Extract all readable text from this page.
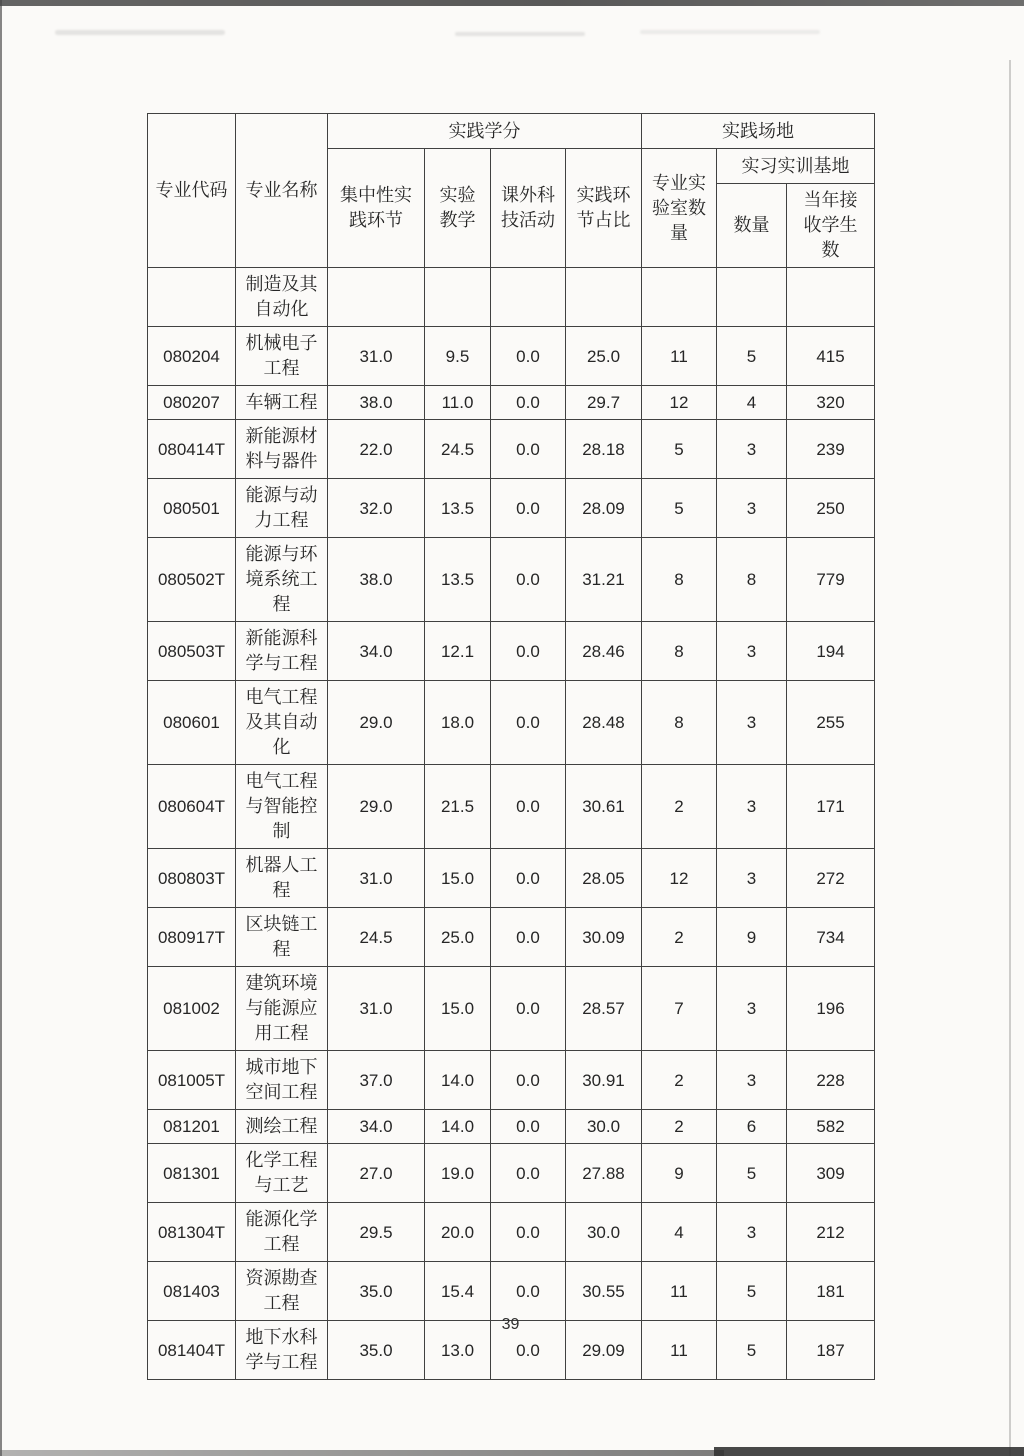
专业代码	专业名称	实践学分				实践场地		
		集中性实践环节	实验教学	课外科技活动	实践环节占比	专业实验室数量	实习实训基地	
							数量	当年接收学生数
	制造及其自动化							
080204	机械电子工程	31.0	9.5	0.0	25.0	11	5	415
080207	车辆工程	38.0	11.0	0.0	29.7	12	4	320
080414T	新能源材料与器件	22.0	24.5	0.0	28.18	5	3	239
080501	能源与动力工程	32.0	13.5	0.0	28.09	5	3	250
080502T	能源与环境系统工程	38.0	13.5	0.0	31.21	8	8	779
080503T	新能源科学与工程	34.0	12.1	0.0	28.46	8	3	194
080601	电气工程及其自动化	29.0	18.0	0.0	28.48	8	3	255
080604T	电气工程与智能控制	29.0	21.5	0.0	30.61	2	3	171
080803T	机器人工程	31.0	15.0	0.0	28.05	12	3	272
080917T	区块链工程	24.5	25.0	0.0	30.09	2	9	734
081002	建筑环境与能源应用工程	31.0	15.0	0.0	28.57	7	3	196
081005T	城市地下空间工程	37.0	14.0	0.0	30.91	2	3	228
081201	测绘工程	34.0	14.0	0.0	30.0	2	6	582
081301	化学工程与工艺	27.0	19.0	0.0	27.88	9	5	309
081304T	能源化学工程	29.5	20.0	0.0	30.0	4	3	212
081403	资源勘查工程	35.0	15.4	0.0	30.55	11	5	181
081404T	地下水科学与工程	35.0	13.0	0.0	29.09	11	5	187
39
